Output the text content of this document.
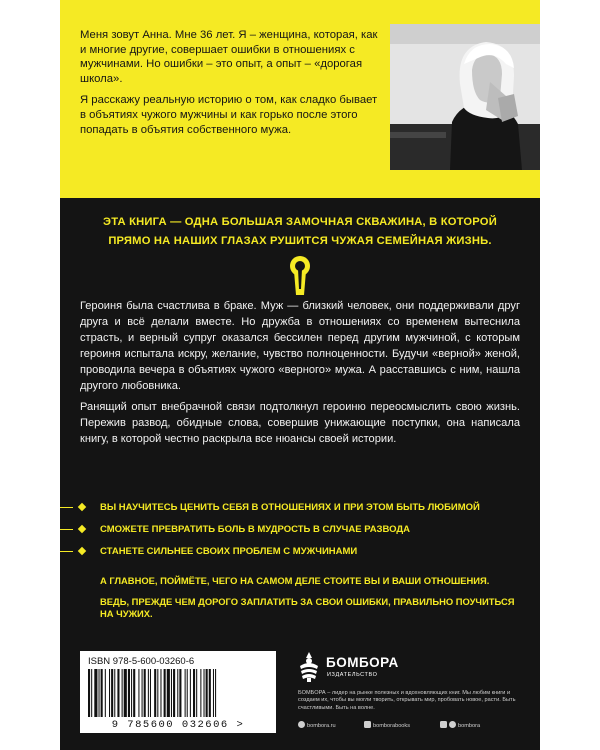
Меня зовут Анна. Мне 36 лет. Я – женщина, которая, как и многие другие, совершает ошибки в отношениях с мужчинами. Но ошибки – это опыт, а опыт – «дорогая школа».

Я расскажу реальную историю о том, как сладко бывает в объятиях чужого мужчины и как горько после этого попадать в объятия собственного мужа.

ЭТА КНИГА — ОДНА БОЛЬШАЯ ЗАМОЧНАЯ СКВАЖИНА, В КОТОРОЙ
ПРЯМО НА НАШИХ ГЛАЗАХ РУШИТСЯ ЧУЖАЯ СЕМЕЙНАЯ ЖИЗНЬ.

Героиня была счастлива в браке. Муж — близкий человек, они поддерживали друг друга и всё делали вместе. Но дружба в отношениях со временем вытеснила страсть, и верный супруг оказался бессилен перед другим мужчиной, с которым героиня испытала искру, желание, чувство полноценности. Будучи «верной» женой, проводила вечера в объятиях чужого «верного» мужа. А расставшись с ним, нашла другого любовника.

Ранящий опыт внебрачной связи подтолкнул героиню переосмыслить свою жизнь. Пережив развод, обидные слова, совершив унижающие поступки, она написала книгу, в которой честно раскрыла все нюансы своей истории.

ВЫ НАУЧИТЕСЬ ЦЕНИТЬ СЕБЯ В ОТНОШЕНИЯХ И ПРИ ЭТОМ БЫТЬ ЛЮБИМОЙ
СМОЖЕТЕ ПРЕВРАТИТЬ БОЛЬ В МУДРОСТЬ В СЛУЧАЕ РАЗВОДА
СТАНЕТЕ СИЛЬНЕЕ СВОИХ ПРОБЛЕМ С МУЖЧИНАМИ

А ГЛАВНОЕ, ПОЙМЁТЕ, ЧЕГО НА САМОМ ДЕЛЕ СТОИТЕ ВЫ И ВАШИ ОТНОШЕНИЯ.

ВЕДЬ, ПРЕЖДЕ ЧЕМ ДОРОГО ЗАПЛАТИТЬ ЗА СВОИ ОШИБКИ, ПРАВИЛЬНО ПОУЧИТЬСЯ НА ЧУЖИХ.

ISBN 978-5-600-03260-6
9 785600 032606 >
БОМБОРА
ИЗДАТЕЛЬСТВО
БОМБОРА – лидер на рынке полезных и вдохновляющих книг. Мы любим книги и создаем их, чтобы вы могли творить, открывать мир, пробовать новое, расти. Быть счастливыми. Быть на волне.
bombora.ru	bomborabooks	bombora
